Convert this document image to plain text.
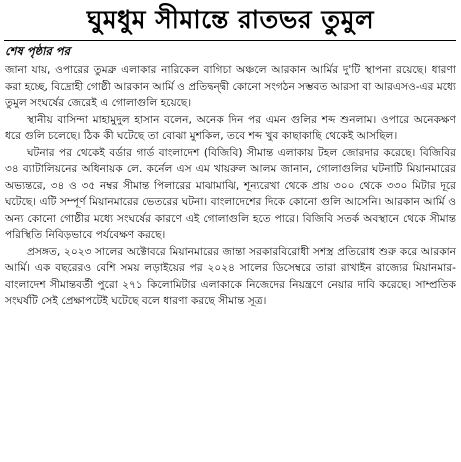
ঘুমধুম সীমান্তে রাতভর তুমুল
শেষ পৃষ্ঠার পর

জানা যায়, ওপারের তুমব্রু এলাকার নারিকেল বাগিচা অঞ্চলে আরকান আর্মির দু'টি স্থাপনা রয়েছে। ধারণা করা হচ্ছে, বিদ্রোহী গোষ্ঠী আরকান আর্মি ও প্রতিদ্বন্দ্বী কোনো সংগঠন সম্ভবত আরসা বা আরএসও-এর মধ্যে তুমুল সংঘর্ষের জেরেই এ গোলাগুলি হয়েছে।

স্থানীয় বাসিন্দা মাহামুদুল হাসান বলেন, অনেক দিন পর এমন গুলির শব্দ শুনলাম। ওপারে অনেকক্ষণ ধরে গুলি চলেছে। ঠিক কী ঘটেছে তা বোঝা মুশকিল, তবে শব্দ খুব কাছাকাছি থেকেই আসছিল।

ঘটনার পর থেকেই বর্ডার গার্ড বাংলাদেশ (বিজিবি) সীমান্ত এলাকায় টহল জোরদার করেছে। বিজিবির ৩৪ ব্যাটালিয়নের অধিনায়ক লে. কর্নেল এস এম খায়রুল আলম জানান, গোলাগুলির ঘটনাটি মিয়ানমারের অভ্যন্তরে, ৩৪ ও ৩৫ নম্বর সীমান্ত পিলারের মাঝামাঝি, শূন্যরেখা থেকে প্রায় ৩০০ থেকে ৩৩০ মিটার দূরে ঘটেছে। এটি সম্পূর্ণ মিয়ানমারের ভেতরের ঘটনা। বাংলাদেশের দিকে কোনো গুলি আসেনি। আরকান আর্মি ও অন্য কোনো গোষ্ঠীর মধ্যে সংঘর্ষের কারণে এই গোলাগুলি হতে পারে। বিজিবি সতর্ক অবস্থানে থেকে সীমান্ত পরিস্থিতি নিবিড়ভাবে পর্যবেক্ষণ করছে।

প্রসঙ্গত, ২০২৩ সালের অক্টোবরে মিয়ানমারের জান্তা সরকারবিরোধী সশস্ত্র প্রতিরোধ শুরু করে আরকান আর্মি। এক বছরেরও বেশি সময় লড়াইয়ের পর ২০২৪ সালের ডিসেম্বরে তারা রাখাইন রাজ্যের মিয়ানমার-বাংলাদেশ সীমান্তবর্তী পুরো ২৭১ কিলোমিটার এলাকাকে নিজেদের নিয়ন্ত্রণে নেয়ার দাবি করেছে। সাম্প্রতিক সংঘর্ষটি সেই প্রেক্ষাপটেই ঘটেছে বলে ধারণা করছে সীমান্ত সূত্র।
